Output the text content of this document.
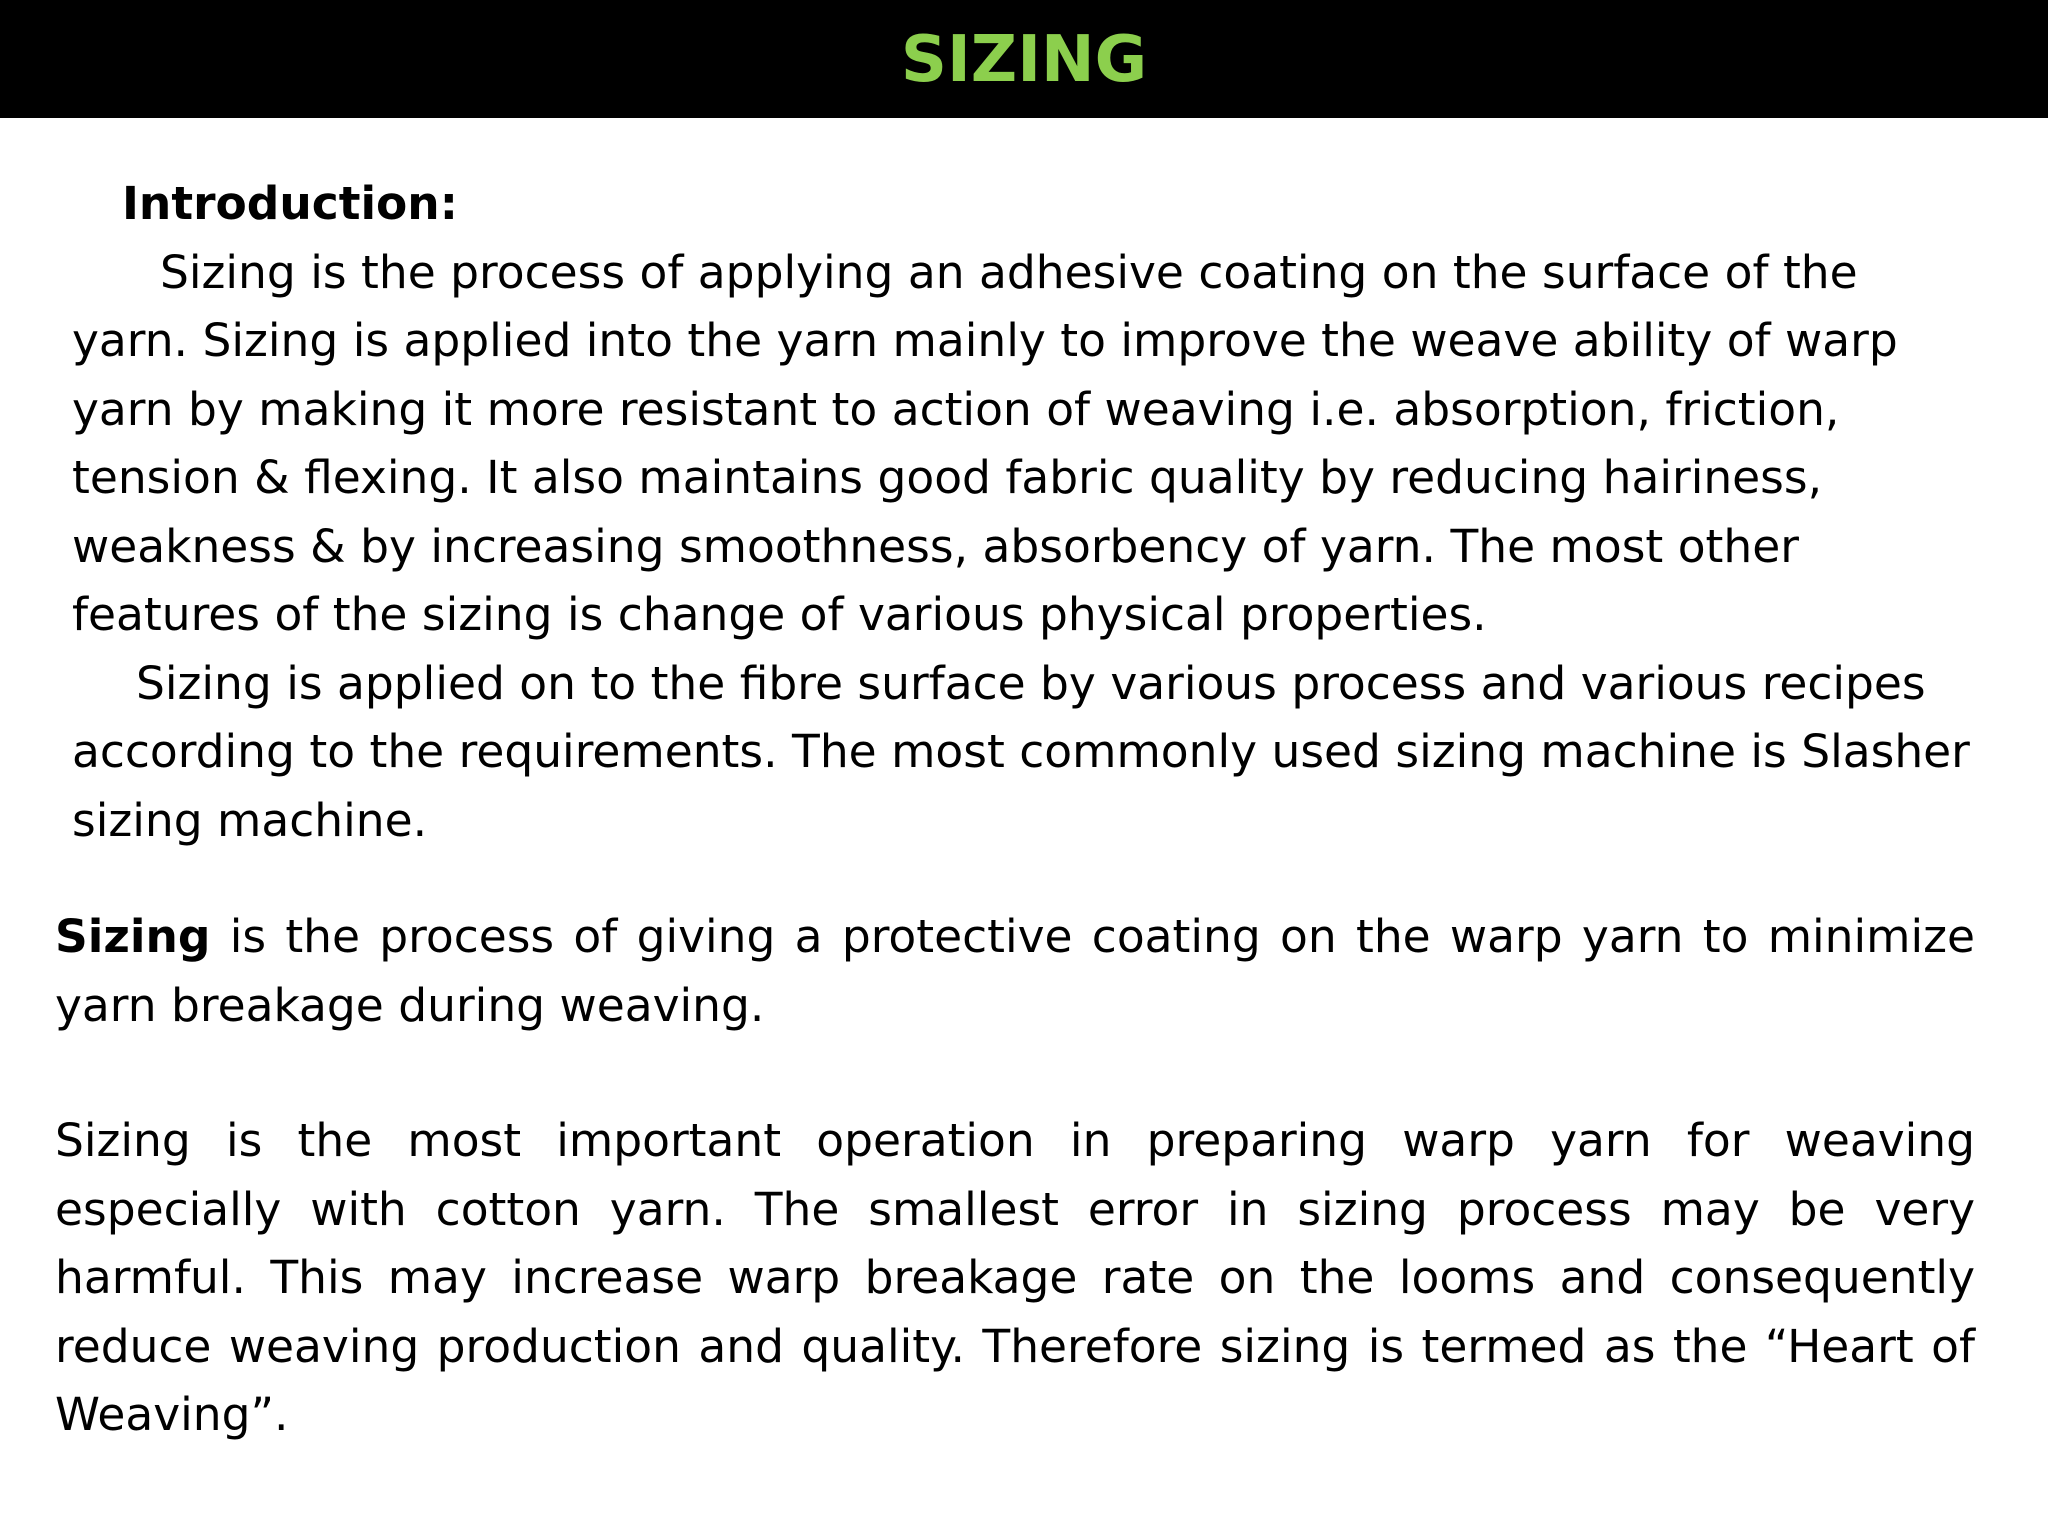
SIZING
Introduction:
Sizing is the process of applying an adhesive coating on the surface of the
yarn. Sizing is applied into the yarn mainly to improve the weave ability of warp
yarn by making it more resistant to action of weaving i.e. absorption, friction,
tension & flexing. It also maintains good fabric quality by reducing hairiness,
weakness & by increasing smoothness, absorbency of yarn. The most other
features of the sizing is change of various physical properties.
Sizing is applied on to the fibre surface by various process and various recipes
according to the requirements. The most commonly used sizing machine is Slasher
sizing machine.
Sizing is the process of giving a protective coating on the warp yarn to minimize yarn breakage during weaving.
Sizing is the most important operation in preparing warp yarn for weaving especially with cotton yarn. The smallest error in sizing process may be very harmful. This may increase warp breakage rate on the looms and consequently reduce weaving production and quality. Therefore sizing is termed as the “Heart of Weaving”.
